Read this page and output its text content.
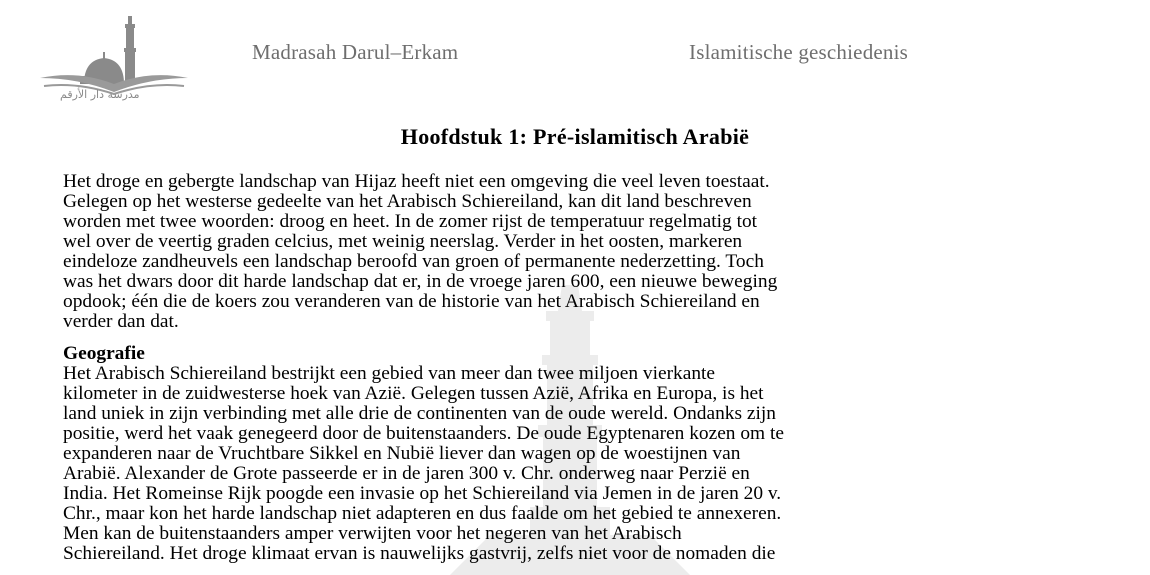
مدرسة دار الأرقم
Madrasah Darul–Erkam	Islamitische geschiedenis
Hoofdstuk 1: Pré-islamitisch Arabië
Het droge en gebergte landschap van Hijaz heeft niet een omgeving die veel leven toestaat.
Gelegen op het westerse gedeelte van het Arabisch Schiereiland, kan dit land beschreven
worden met twee woorden: droog en heet. In de zomer rijst de temperatuur regelmatig tot
wel over de veertig graden celcius, met weinig neerslag. Verder in het oosten, markeren
eindeloze zandheuvels een landschap beroofd van groen of permanente nederzetting. Toch
was het dwars door dit harde landschap dat er, in de vroege jaren 600, een nieuwe beweging
opdook; één die de koers zou veranderen van de historie van het Arabisch Schiereiland en
verder dan dat.
Geografie
Het Arabisch Schiereiland bestrijkt een gebied van meer dan twee miljoen vierkante
kilometer in de zuidwesterse hoek van Azië. Gelegen tussen Azië, Afrika en Europa, is het
land uniek in zijn verbinding met alle drie de continenten van de oude wereld. Ondanks zijn
positie, werd het vaak genegeerd door de buitenstaanders. De oude Egyptenaren kozen om te
expanderen naar de Vruchtbare Sikkel en Nubië liever dan wagen op de woestijnen van
Arabië. Alexander de Grote passeerde er in de jaren 300 v. Chr. onderweg naar Perzië en
India. Het Romeinse Rijk poogde een invasie op het Schiereiland via Jemen in de jaren 20 v.
Chr., maar kon het harde landschap niet adapteren en dus faalde om het gebied te annexeren.
Men kan de buitenstaanders amper verwijten voor het negeren van het Arabisch
Schiereiland. Het droge klimaat ervan is nauwelijks gastvrij, zelfs niet voor de nomaden die
